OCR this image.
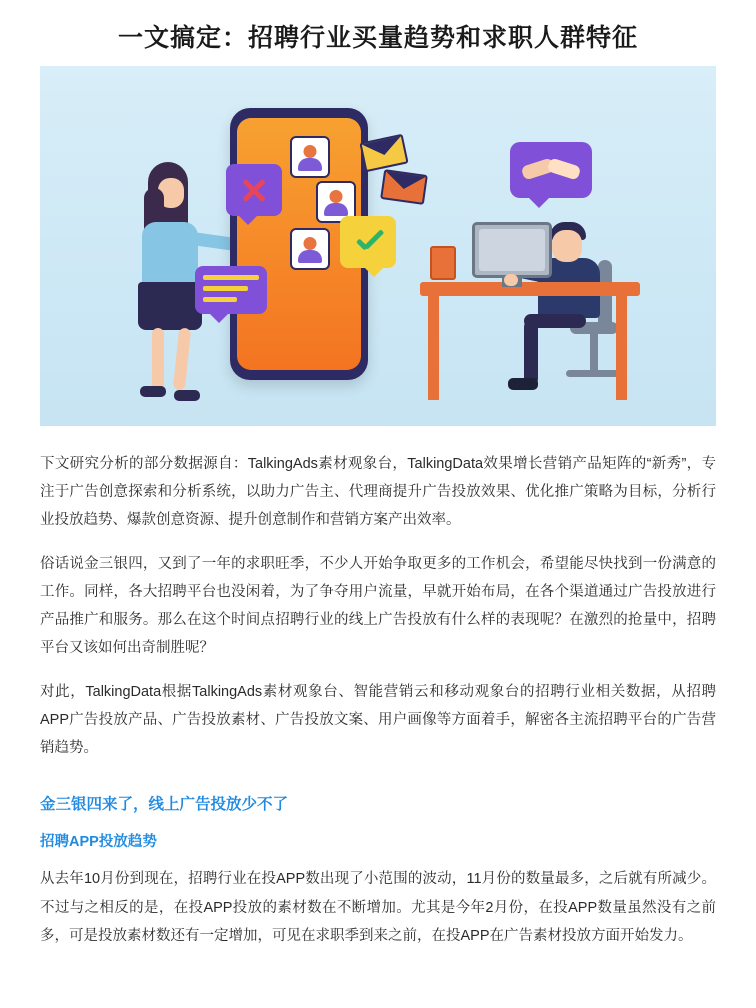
一文搞定：招聘行业买量趋势和求职人群特征

下文研究分析的部分数据源自：TalkingAds素材观象台，TalkingData效果增长营销产品矩阵的“新秀”，专注于广告创意探索和分析系统，以助力广告主、代理商提升广告投放效果、优化推广策略为目标，分析行业投放趋势、爆款创意资源、提升创意制作和营销方案产出效率。

俗话说金三银四，又到了一年的求职旺季，不少人开始争取更多的工作机会，希望能尽快找到一份满意的工作。同样，各大招聘平台也没闲着，为了争夺用户流量，早就开始布局，在各个渠道通过广告投放进行产品推广和服务。那么在这个时间点招聘行业的线上广告投放有什么样的表现呢？在激烈的抢量中，招聘平台又该如何出奇制胜呢？

对此，TalkingData根据TalkingAds素材观象台、智能营销云和移动观象台的招聘行业相关数据，从招聘APP广告投放产品、广告投放素材、广告投放文案、用户画像等方面着手，解密各主流招聘平台的广告营销趋势。

金三银四来了，线上广告投放少不了
招聘APP投放趋势

从去年10月份到现在，招聘行业在投APP数出现了小范围的波动，11月份的数量最多，之后就有所减少。不过与之相反的是，在投APP投放的素材数在不断增加。尤其是今年2月份，在投APP数量虽然没有之前多，可是投放素材数还有一定增加，可见在求职季到来之前，在投APP在广告素材投放方面开始发力。
